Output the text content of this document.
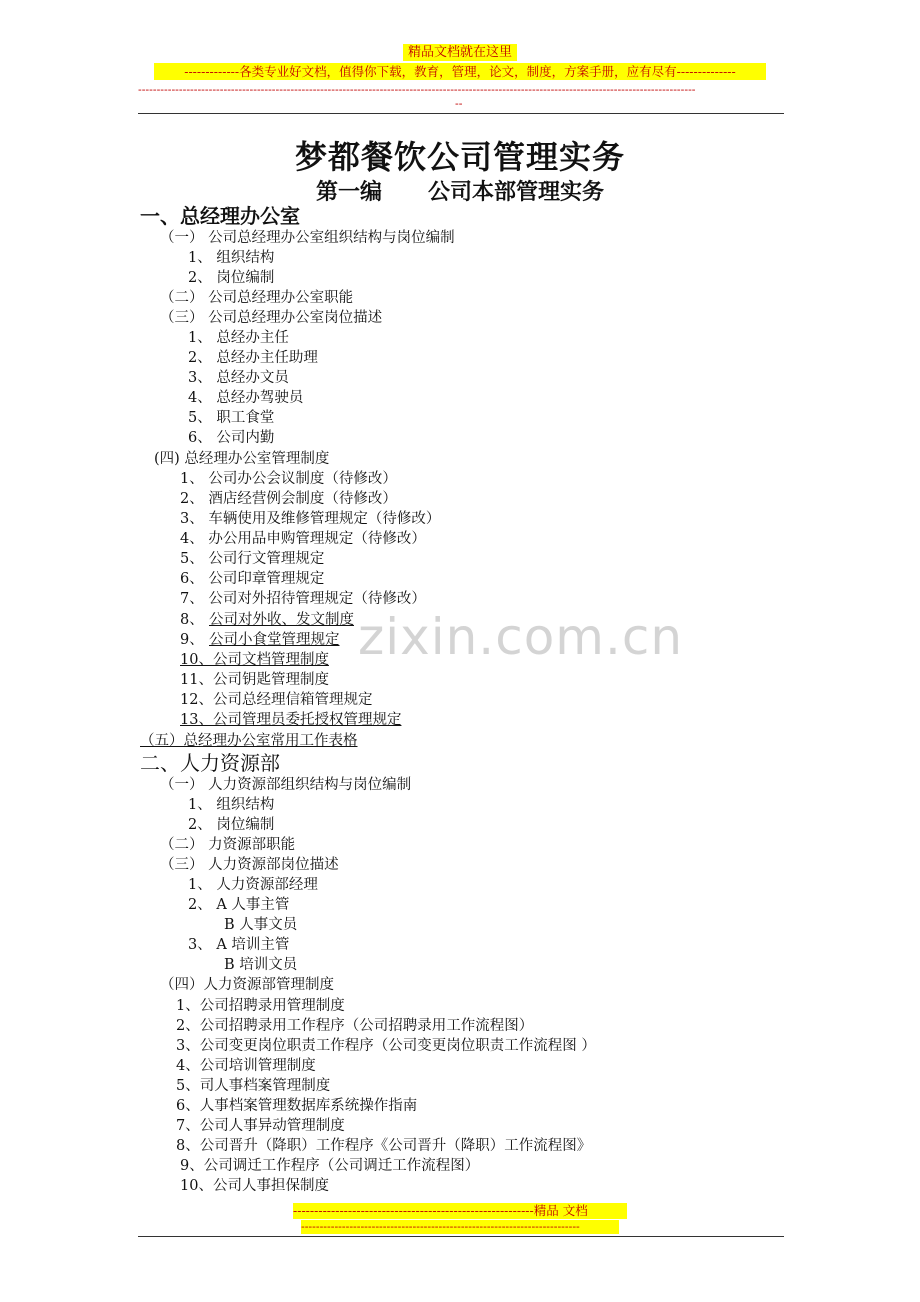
精品文档就在这里
-------------各类专业好文档，值得你下载，教育，管理，论文，制度，方案手册，应有尽有--------------
------------------------------------------------------------------------------------------------------------------------------------------------------
--
梦都餐饮公司管理实务
第一编      公司本部管理实务
zixin.com.cn
一、总经理办公室
（一） 公司总经理办公室组织结构与岗位编制
1、 组织结构
2、 岗位编制
（二） 公司总经理办公室职能
（三） 公司总经理办公室岗位描述
1、 总经办主任
2、 总经办主任助理
3、 总经办文员
4、 总经办驾驶员
5、 职工食堂
6、 公司内勤
(四) 总经理办公室管理制度
1、 公司办公会议制度（待修改）
2、 酒店经营例会制度（待修改）
3、 车辆使用及维修管理规定（待修改）
4、 办公用品申购管理规定（待修改）
5、 公司行文管理规定
6、 公司印章管理规定
7、 公司对外招待管理规定（待修改）
8、 公司对外收、发文制度
9、 公司小食堂管理规定
10、公司文档管理制度
11、公司钥匙管理制度
12、公司总经理信箱管理规定
13、公司管理员委托授权管理规定
（五）总经理办公室常用工作表格
二、人力资源部
（一） 人力资源部组织结构与岗位编制
1、 组织结构
2、 岗位编制
（二） 力资源部职能
（三） 人力资源部岗位描述
1、 人力资源部经理
2、 A 人事主管
B 人事文员
3、 A 培训主管
B 培训文员
（四）人力资源部管理制度
1、公司招聘录用管理制度
2、公司招聘录用工作程序（公司招聘录用工作流程图）
3、公司变更岗位职责工作程序（公司变更岗位职责工作流程图 ）
4、公司培训管理制度
5、司人事档案管理制度
6、人事档案管理数据库系统操作指南
7、公司人事异动管理制度
8、公司晋升（降职）工作程序《公司晋升（降职）工作流程图》
9、公司调迁工作程序（公司调迁工作流程图）
10、公司人事担保制度
---------------------------------------------------------精品 文档
---------------------------------------------------------------------------
